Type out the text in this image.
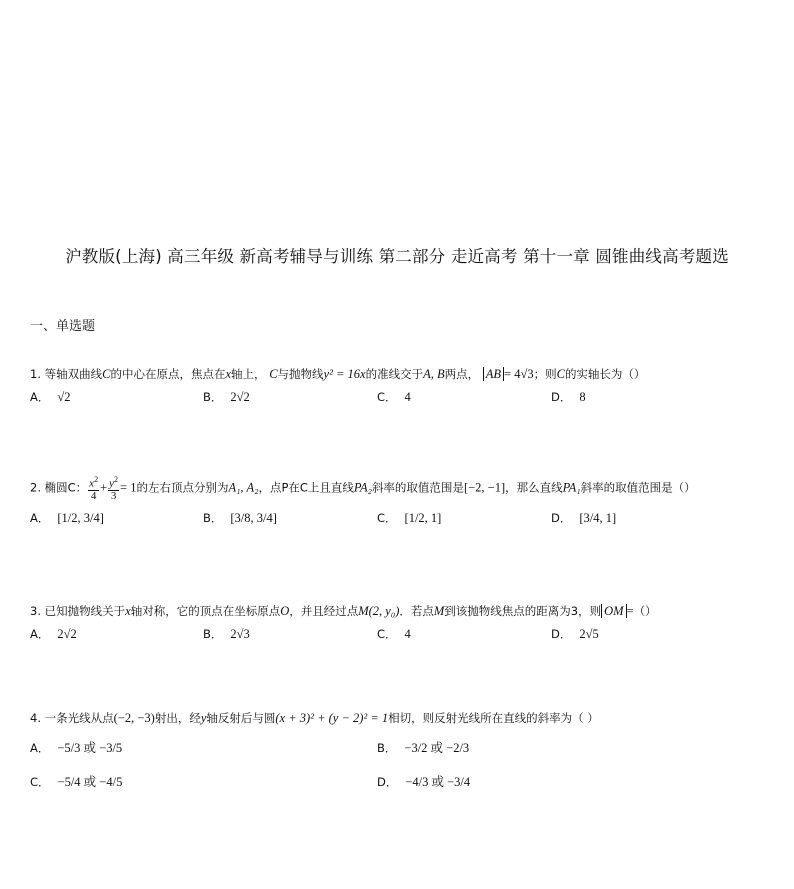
沪教版(上海) 高三年级 新高考辅导与训练 第二部分 走近高考 第十一章 圆锥曲线高考题选
一、单选题
1. 等轴双曲线C的中心在原点，焦点在x轴上， C与抛物线y² = 16x的准线交于A, B两点， AB = 4√3；则C的实轴长为（）
A． √2	B． 2√2	C． 4	D． 8
2. 椭圆C： $\frac{x^2}{4} + \frac{y^2}{3} = 1$的左右顶点分别为A₁, A₂，点P在C上且直线PA₂斜率的取值范围是[−2, −1]，那么直线PA₁斜率的取值范围是（）
A． [1/2, 3/4]	B． [3/8, 3/4]	C． [1/2, 1]	D． [3/4, 1]
3. 已知抛物线关于x轴对称，它的顶点在坐标原点O，并且经过点M(2, y₀)．若点M到该抛物线焦点的距离为3，则 OM =（）
A． 2√2	B． 2√3	C． 4	D． 2√5
4. 一条光线从点(−2, −3)射出，经y轴反射后与圆(x + 3)² + (y − 2)² = 1相切，则反射光线所在直线的斜率为（ ）
A． −5/3 或 −3/5	B． −3/2 或 −2/3
C． −5/4 或 −4/5	D． −4/3 或 −3/4
